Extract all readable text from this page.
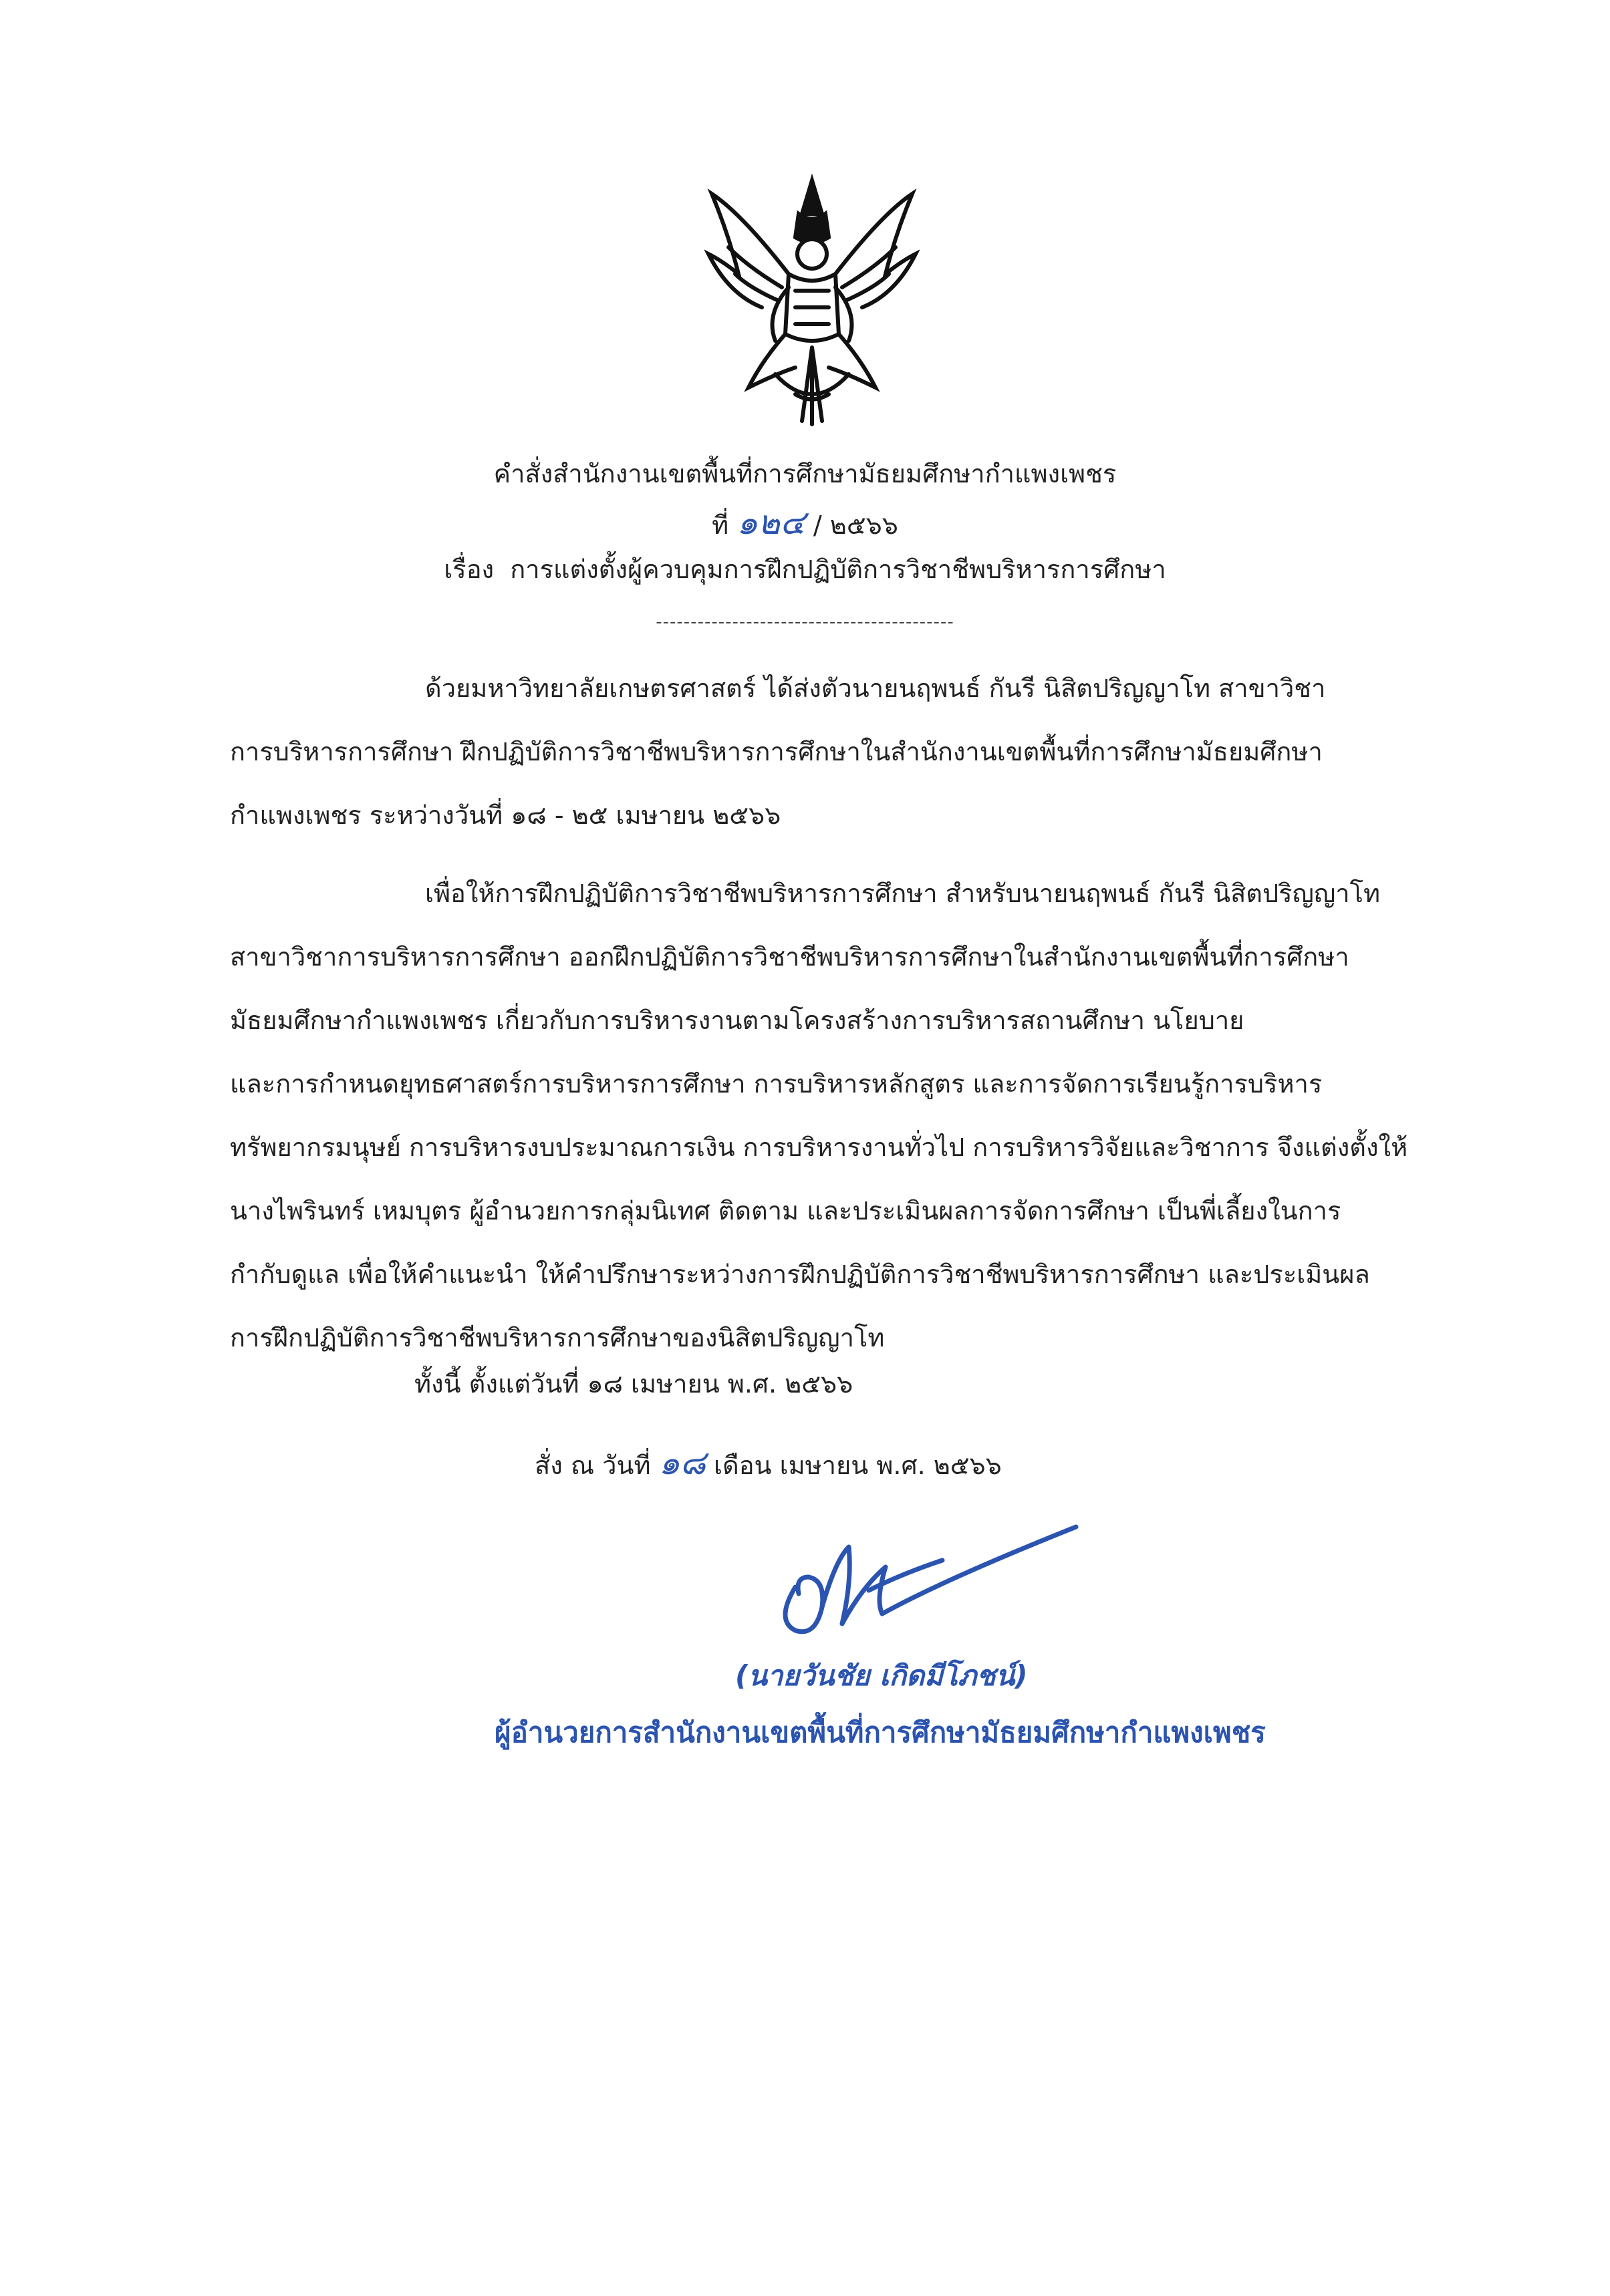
คำสั่งสำนักงานเขตพื้นที่การศึกษามัธยมศึกษากำแพงเพชร
ที่ ๑๒๔ / ๒๕๖๖
เรื่อง การแต่งตั้งผู้ควบคุมการฝึกปฏิบัติการวิชาชีพบริหารการศึกษา
-------------------------------------------
ด้วยมหาวิทยาลัยเกษตรศาสตร์ ได้ส่งตัวนายนฤพนธ์ กันรี นิสิตปริญญาโท สาขาวิชา
การบริหารการศึกษา ฝึกปฏิบัติการวิชาชีพบริหารการศึกษาในสำนักงานเขตพื้นที่การศึกษามัธยมศึกษา
กำแพงเพชร ระหว่างวันที่ ๑๘ - ๒๕ เมษายน ๒๕๖๖
เพื่อให้การฝึกปฏิบัติการวิชาชีพบริหารการศึกษา สำหรับนายนฤพนธ์ กันรี นิสิตปริญญาโท
สาขาวิชาการบริหารการศึกษา ออกฝึกปฏิบัติการวิชาชีพบริหารการศึกษาในสำนักงานเขตพื้นที่การศึกษา
มัธยมศึกษากำแพงเพชร เกี่ยวกับการบริหารงานตามโครงสร้างการบริหารสถานศึกษา นโยบาย
และการกำหนดยุทธศาสตร์การบริหารการศึกษา การบริหารหลักสูตร และการจัดการเรียนรู้การบริหาร
ทรัพยากรมนุษย์ การบริหารงบประมาณการเงิน การบริหารงานทั่วไป การบริหารวิจัยและวิชาการ จึงแต่งตั้งให้
นางไพรินทร์ เหมบุตร ผู้อำนวยการกลุ่มนิเทศ ติดตาม และประเมินผลการจัดการศึกษา เป็นพี่เลี้ยงในการ
กำกับดูแล เพื่อให้คำแนะนำ ให้คำปรึกษาระหว่างการฝึกปฏิบัติการวิชาชีพบริหารการศึกษา และประเมินผล
การฝึกปฏิบัติการวิชาชีพบริหารการศึกษาของนิสิตปริญญาโท
ทั้งนี้ ตั้งแต่วันที่ ๑๘ เมษายน พ.ศ. ๒๕๖๖
สั่ง ณ วันที่ ๑๘ เดือน เมษายน พ.ศ. ๒๕๖๖
(นายวันชัย เกิดมีโภชน์)
ผู้อำนวยการสำนักงานเขตพื้นที่การศึกษามัธยมศึกษากำแพงเพชร
